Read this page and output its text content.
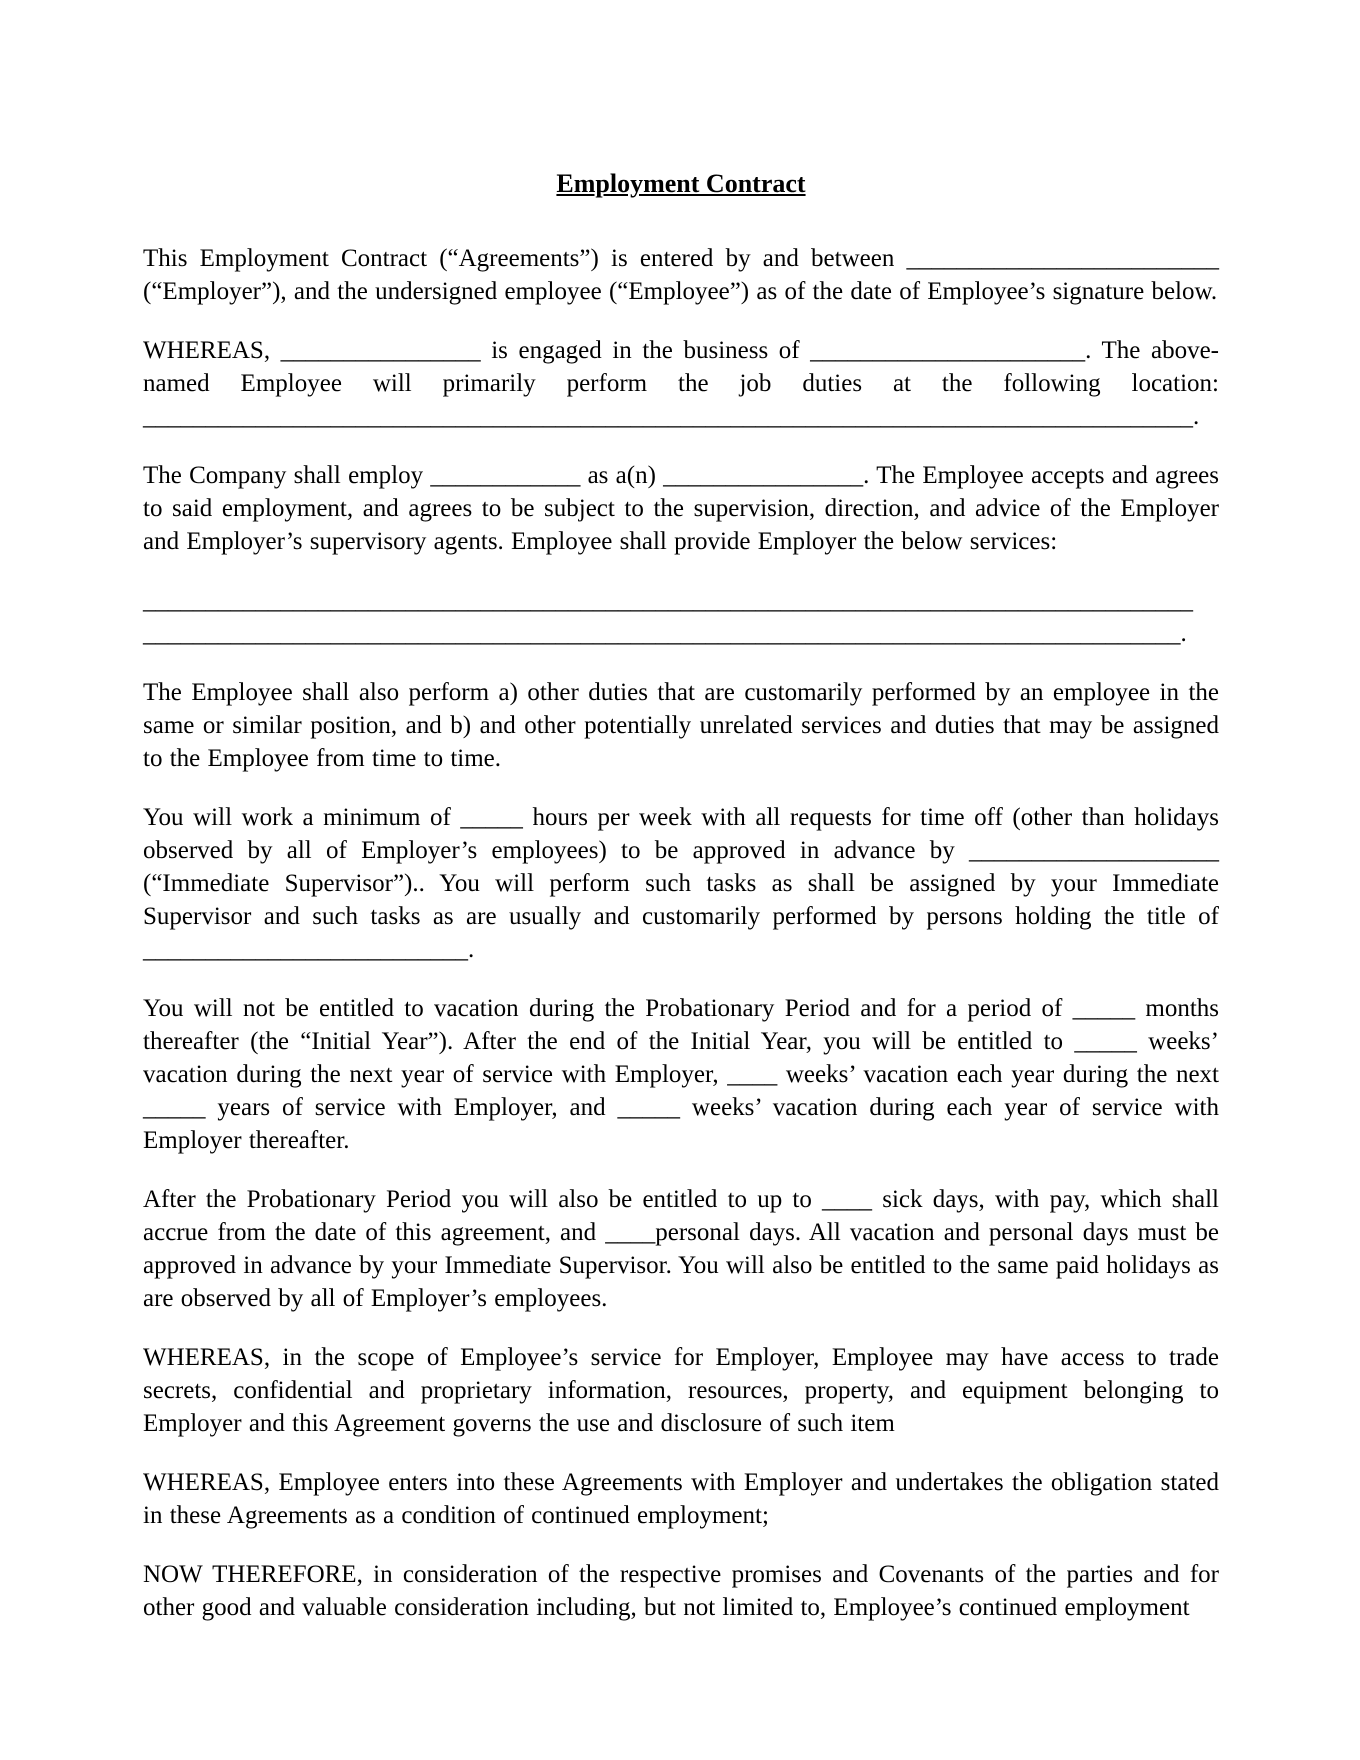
Employment Contract

This Employment Contract (“Agreements”) is entered by and between _________________________ (“Employer”), and the undersigned employee (“Employee”) as of the date of Employee’s signature below.

WHEREAS, ________________ is engaged in the business of ______________________. The above-named Employee will primarily perform the job duties at the following location: ____________________________________________________________________________________.

The Company shall employ ____________ as a(n) ________________. The Employee accepts and agrees to said employment, and agrees to be subject to the supervision, direction, and advice of the Employer and Employer’s supervisory agents. Employee shall provide Employer the below services:

____________________________________________________________________________________ ___________________________________________________________________________________.

The Employee shall also perform a) other duties that are customarily performed by an employee in the same or similar position, and b) and other potentially unrelated services and duties that may be assigned to the Employee from time to time.

You will work a minimum of _____ hours per week with all requests for time off (other than holidays observed by all of Employer’s employees) to be approved in advance by ____________________ (“Immediate Supervisor”).. You will perform such tasks as shall be assigned by your Immediate Supervisor and such tasks as are usually and customarily performed by persons holding the title of __________________________.

You will not be entitled to vacation during the Probationary Period and for a period of _____ months thereafter (the “Initial Year”). After the end of the Initial Year, you will be entitled to _____ weeks’ vacation during the next year of service with Employer, ____ weeks’ vacation each year during the next _____ years of service with Employer, and _____ weeks’ vacation during each year of service with Employer thereafter.

After the Probationary Period you will also be entitled to up to ____ sick days, with pay, which shall accrue from the date of this agreement, and ____personal days. All vacation and personal days must be approved in advance by your Immediate Supervisor. You will also be entitled to the same paid holidays as are observed by all of Employer’s employees.

WHEREAS, in the scope of Employee’s service for Employer, Employee may have access to trade secrets, confidential and proprietary information, resources, property, and equipment belonging to Employer and this Agreement governs the use and disclosure of such item

WHEREAS, Employee enters into these Agreements with Employer and undertakes the obligation stated in these Agreements as a condition of continued employment;

NOW THEREFORE, in consideration of the respective promises and Covenants of the parties and for other good and valuable consideration including, but not limited to, Employee’s continued employment
